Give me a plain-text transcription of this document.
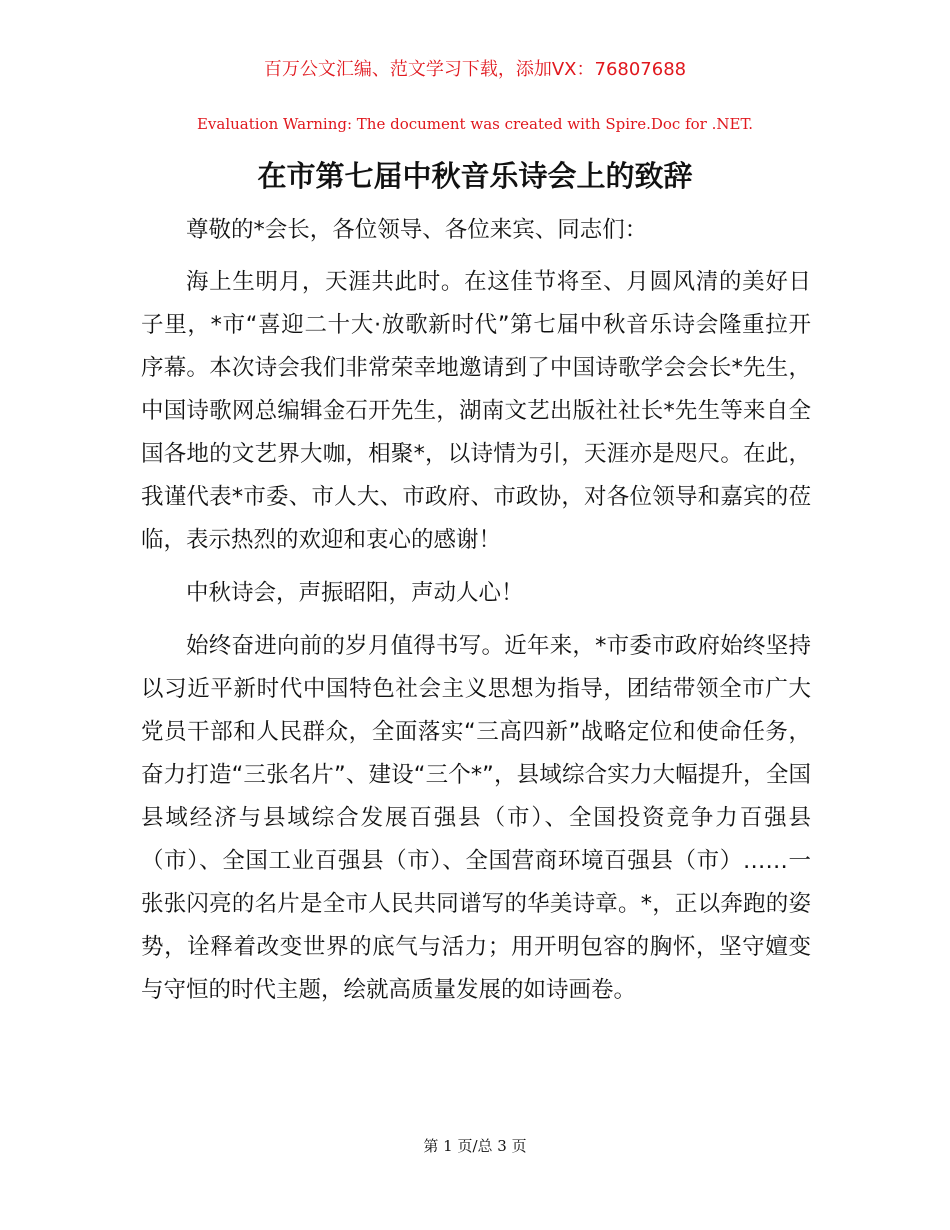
百万公文汇编、范文学习下载，添加VX：76807688
Evaluation Warning: The document was created with Spire.Doc for .NET.
在市第七届中秋音乐诗会上的致辞

尊敬的*会长，各位领导、各位来宾、同志们：

海上生明月，天涯共此时。在这佳节将至、月圆风清的美好日子里，*市“喜迎二十大·放歌新时代”第七届中秋音乐诗会隆重拉开序幕。本次诗会我们非常荣幸地邀请到了中国诗歌学会会长*先生，中国诗歌网总编辑金石开先生，湖南文艺出版社社长*先生等来自全国各地的文艺界大咖，相聚*，以诗情为引，天涯亦是咫尺。在此，我谨代表*市委、市人大、市政府、市政协，对各位领导和嘉宾的莅临，表示热烈的欢迎和衷心的感谢！

中秋诗会，声振昭阳，声动人心！

始终奋进向前的岁月值得书写。近年来，*市委市政府始终坚持以习近平新时代中国特色社会主义思想为指导，团结带领全市广大党员干部和人民群众，全面落实“三高四新”战略定位和使命任务，奋力打造“三张名片”、建设“三个*”，县域综合实力大幅提升，全国县域经济与县域综合发展百强县（市）、全国投资竞争力百强县（市）、全国工业百强县（市）、全国营商环境百强县（市）……一张张闪亮的名片是全市人民共同谱写的华美诗章。*，正以奔跑的姿势，诠释着改变世界的底气与活力；用开明包容的胸怀，坚守嬗变与守恒的时代主题，绘就高质量发展的如诗画卷。

第 1 页/总 3 页
